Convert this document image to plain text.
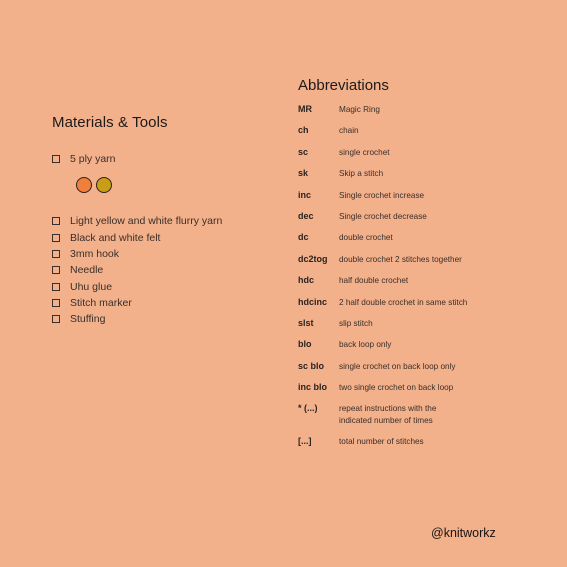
Materials & Tools
5 ply yarn
Light yellow and white flurry yarn
Black and white felt
3mm hook
Needle
Uhu glue
Stitch marker
Stuffing
Abbreviations
MR	Magic Ring
ch	chain
sc	single crochet
sk	Skip a stitch
inc	Single crochet increase
dec	Single crochet decrease
dc	double crochet
dc2tog	double crochet 2 stitches together
hdc	half double crochet
hdcinc	2 half double crochet in same stitch
slst	slip stitch
blo	back loop only
sc blo	single crochet on back loop only
inc blo	two single crochet on back loop
* (...)	repeat instructions with the
indicated number of times
[...]	total number of stitches
@knitworkz
